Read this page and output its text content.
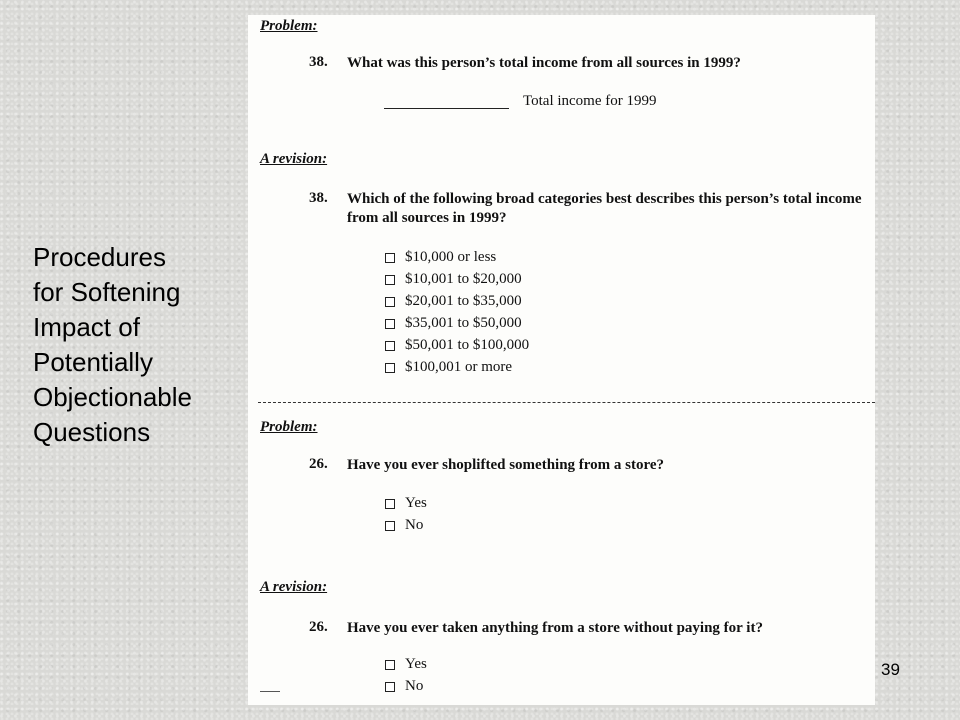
Procedures
for Softening
Impact of
Potentially
Objectionable
Questions
Problem:
38. What was this person’s total income from all sources in 1999?
Total income for 1999
A revision:
38. Which of the following broad categories best describes this person’s total income from all sources in 1999?
$10,000 or less
$10,001 to $20,000
$20,001 to $35,000
$35,001 to $50,000
$50,001 to $100,000
$100,001 or more
Problem:
26. Have you ever shoplifted something from a store?
Yes
No
A revision:
26. Have you ever taken anything from a store without paying for it?
Yes
No
39
